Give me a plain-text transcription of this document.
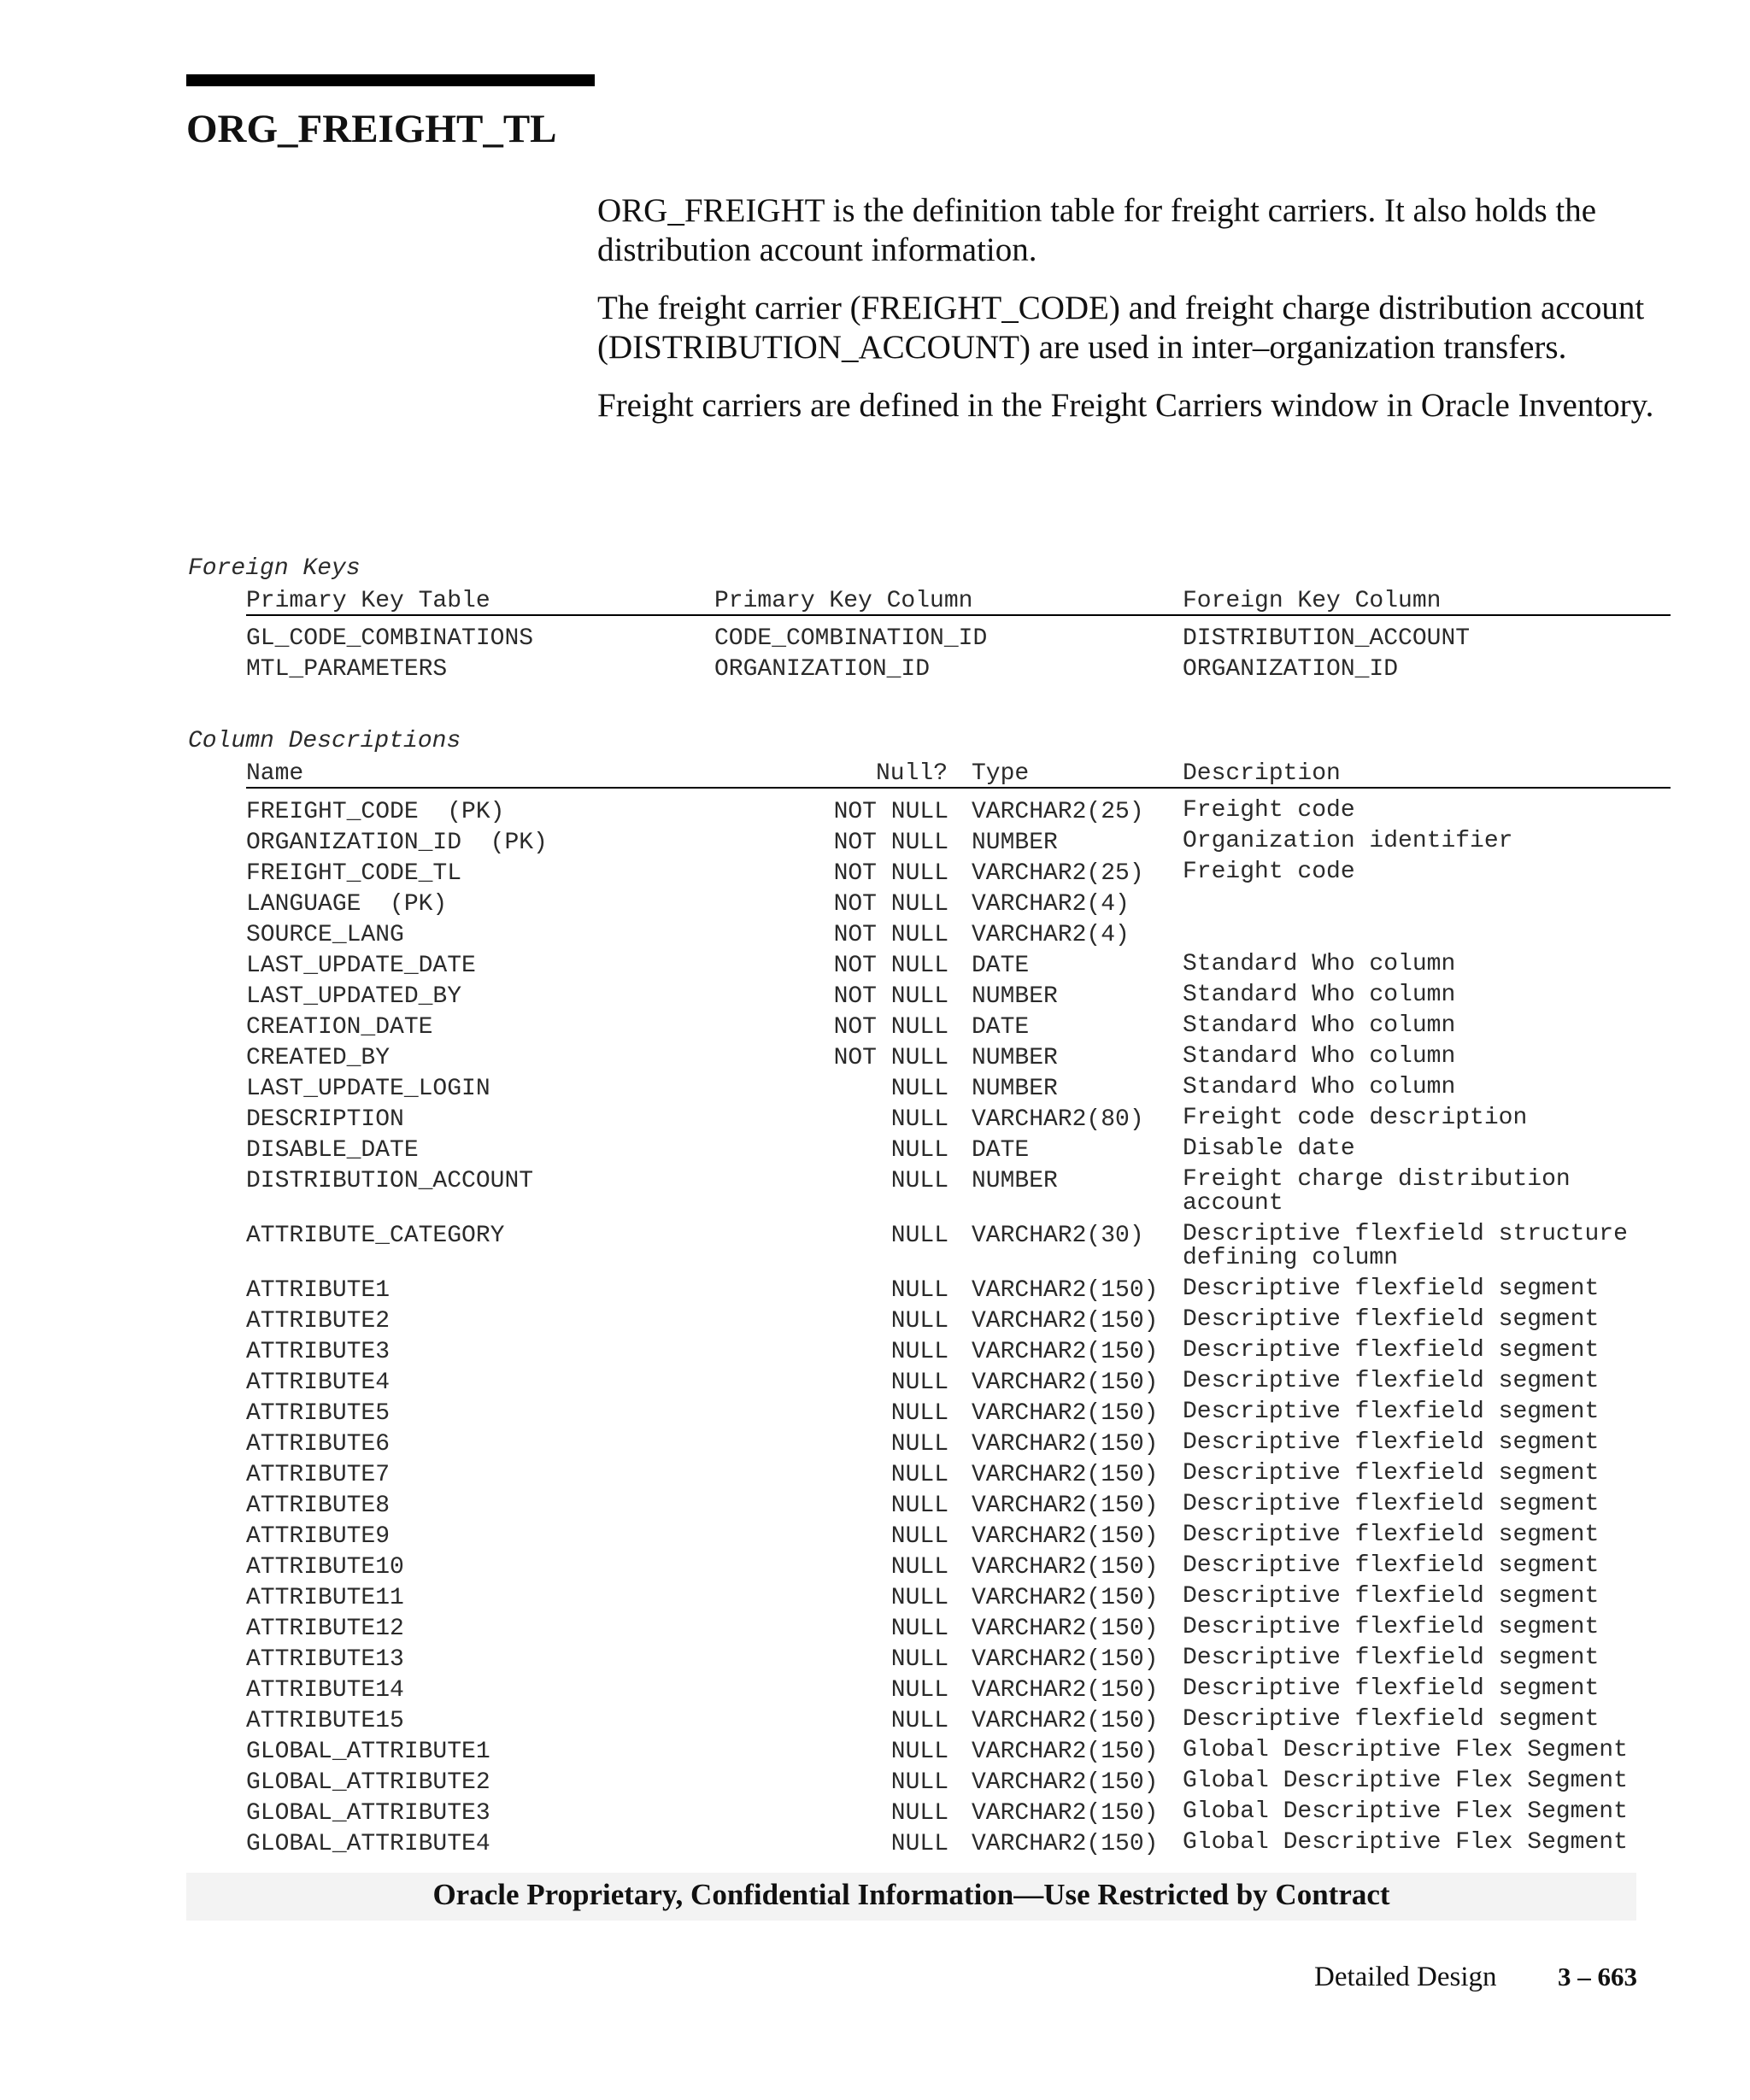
ORG_FREIGHT_TL

ORG_FREIGHT is the definition table for freight carriers. It also holds the distribution account information.

The freight carrier (FREIGHT_CODE) and freight charge distribution account (DISTRIBUTION_ACCOUNT) are used in inter–organization transfers.

Freight carriers are defined in the Freight Carriers window in Oracle Inventory.

Foreign Keys
Primary Key Table	Primary Key Column	Foreign Key Column
GL_CODE_COMBINATIONS	CODE_COMBINATION_ID	DISTRIBUTION_ACCOUNT
MTL_PARAMETERS	ORGANIZATION_ID	ORGANIZATION_ID
Column Descriptions
Name	Null? Type	Description
FREIGHT_CODE  (PK)	NOT NULL VARCHAR2(25) Freight code
ORGANIZATION_ID  (PK)	NOT NULL NUMBER	Organization identifier
FREIGHT_CODE_TL	NOT NULL VARCHAR2(25) Freight code
LANGUAGE  (PK)	NOT NULL VARCHAR2(4)
SOURCE_LANG	NOT NULL VARCHAR2(4)
LAST_UPDATE_DATE	NOT NULL DATE	Standard Who column
LAST_UPDATED_BY	NOT NULL NUMBER	Standard Who column
CREATION_DATE	NOT NULL DATE	Standard Who column
CREATED_BY	NOT NULL NUMBER	Standard Who column
LAST_UPDATE_LOGIN	NULL NUMBER	Standard Who column
DESCRIPTION	NULL VARCHAR2(80) Freight code description
DISABLE_DATE	NULL DATE	Disable date
DISTRIBUTION_ACCOUNT	NULL NUMBER	Freight charge distribution
account
ATTRIBUTE_CATEGORY	NULL VARCHAR2(30) Descriptive flexfield structure
defining column
ATTRIBUTE1	NULL VARCHAR2(150) Descriptive flexfield segment
ATTRIBUTE2	NULL VARCHAR2(150) Descriptive flexfield segment
ATTRIBUTE3	NULL VARCHAR2(150) Descriptive flexfield segment
ATTRIBUTE4	NULL VARCHAR2(150) Descriptive flexfield segment
ATTRIBUTE5	NULL VARCHAR2(150) Descriptive flexfield segment
ATTRIBUTE6	NULL VARCHAR2(150) Descriptive flexfield segment
ATTRIBUTE7	NULL VARCHAR2(150) Descriptive flexfield segment
ATTRIBUTE8	NULL VARCHAR2(150) Descriptive flexfield segment
ATTRIBUTE9	NULL VARCHAR2(150) Descriptive flexfield segment
ATTRIBUTE10	NULL VARCHAR2(150) Descriptive flexfield segment
ATTRIBUTE11	NULL VARCHAR2(150) Descriptive flexfield segment
ATTRIBUTE12	NULL VARCHAR2(150) Descriptive flexfield segment
ATTRIBUTE13	NULL VARCHAR2(150) Descriptive flexfield segment
ATTRIBUTE14	NULL VARCHAR2(150) Descriptive flexfield segment
ATTRIBUTE15	NULL VARCHAR2(150) Descriptive flexfield segment
GLOBAL_ATTRIBUTE1	NULL VARCHAR2(150) Global Descriptive Flex Segment
GLOBAL_ATTRIBUTE2	NULL VARCHAR2(150) Global Descriptive Flex Segment
GLOBAL_ATTRIBUTE3	NULL VARCHAR2(150) Global Descriptive Flex Segment
GLOBAL_ATTRIBUTE4	NULL VARCHAR2(150) Global Descriptive Flex Segment
Oracle Proprietary, Confidential Information––Use Restricted by Contract
Detailed Design 3 – 663
